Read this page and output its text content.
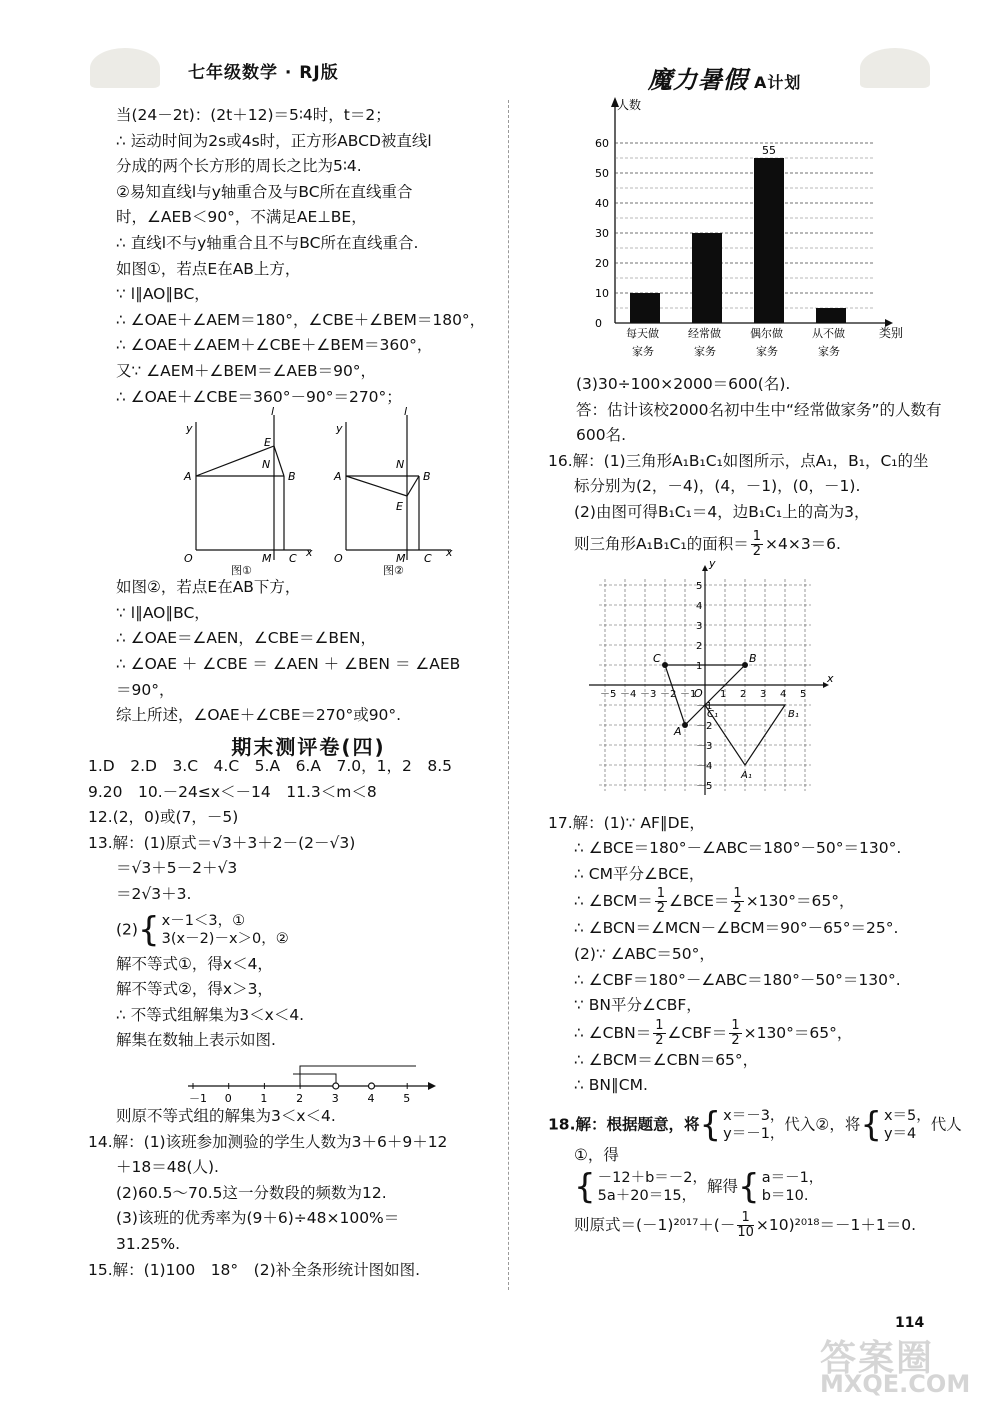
七年级数学 · RJ版	魔力暑假 A计划
当(24－2t)：(2t＋12)＝5∶4时，t＝2；
∴ 运动时间为2s或4s时，正方形ABCD被直线l
分成的两个长方形的周长之比为5∶4.
②易知直线l与y轴重合及与BC所在直线重合
时，∠AEB＜90°，不满足AE⊥BE，
∴ 直线l不与y轴重合且不与BC所在直线重合.
如图①，若点E在AB上方，
∵ l∥AO∥BC，
∴ ∠OAE＋∠AEM＝180°，∠CBE＋∠BEM＝180°，
∴ ∠OAE＋∠AEM＋∠CBE＋∠BEM＝360°，
又∵ ∠AEM＋∠BEM＝∠AEB＝90°，
∴ ∠OAE＋∠CBE＝360°－90°＝270°；
y
x
l
O	M C
A	B
E
N
图①
y
x
l
O	M C
A	B
E
N
图②
如图②，若点E在AB下方，
∵ l∥AO∥BC，
∴ ∠OAE＝∠AEN，∠CBE＝∠BEN，
∴ ∠OAE ＋ ∠CBE ＝ ∠AEN ＋ ∠BEN ＝ ∠AEB
＝90°，
综上所述，∠OAE＋∠CBE＝270°或90°.
期末测评卷(四)
1.D　2.D　3.C　4.C　5.A　6.A　7.0，1，2　8.5
9.20　10.－24≤x＜－14　11.3＜m＜8
12.(2，0)或(7，－5)
13.解：(1)原式＝√3＋3＋2－(2－√3)
＝√3＋5－2＋√3
＝2√3＋3.
(2){ x－1＜3，①
3(x－2)－x＞0，②
解不等式①，得x＜4，
解不等式②，得x＞3，
∴ 不等式组解集为3＜x＜4.
解集在数轴上表示如图.
－1 0	1	2	3	4	5
则原不等式组的解集为3＜x＜4.
14.解：(1)该班参加测验的学生人数为3＋6＋9＋12
＋18＝48(人).
(2)60.5～70.5这一分数段的频数为12.
(3)该班的优秀率为(9＋6)÷48×100%＝
31.25%.
15.解：(1)100　18°　(2)补全条形统计图如图.
0
10
20
30
40
50
60
人数
类别
每天做
家务
经常做
家务
55
偶尔做
家务
从不做
家务
(3)30÷100×2000＝600(名).
答：估计该校2000名初中生中“经常做家务”的人数有
600名.
16.解：(1)三角形A₁B₁C₁如图所示，点A₁，B₁，C₁的坐
标分别为(2，－4)，(4，－1)，(0，－1).
(2)由图可得B₁C₁＝4，边B₁C₁上的高为3，
则三角形A₁B₁C₁的面积＝ $\frac{1}{2} \times 4\times 3=6$.
x
y
O
－5 －4 －3 －2 －1 1 2 3 4 5
5
4
3
2
1
－1
－2
－3
－4
－5
C	B
A
C₁	B₁
A₁
17.解：(1)∵ AF∥DE，
∴ ∠BCE＝180°－∠ABC＝180°－50°＝130°.
∴ CM平分∠BCE，
∴ ∠BCM＝ $\frac{1}{2}$ ∠BCE＝ $\frac{1}{2} \times 130^\circ=65^\circ$，
∴ ∠BCN＝∠MCN－∠BCM＝90°－65°＝25°.
(2)∵ ∠ABC＝50°，
∴ ∠CBF＝180°－∠ABC＝180°－50°＝130°.
∵ BN平分∠CBF，
∴ ∠CBN＝ $\frac{1}{2}$ ∠CBF＝ $\frac{1}{2} \times 130^\circ=65^\circ$，
∴ ∠BCM＝∠CBN＝65°，
∴ BN∥CM.
18.解：根据题意，将{ x＝－3，
y＝－1，
代入②，将{ x＝5，
y＝4
代人
①，得
{ －12＋b＝－2，
5a＋20＝15，
解得{ a＝－1，
b＝10.
则原式$=(-1)^{2017}+(- \frac{1}{10} \times 10)^{2018}=-1+1=0$.
114
答案圈
MXQE.COM
